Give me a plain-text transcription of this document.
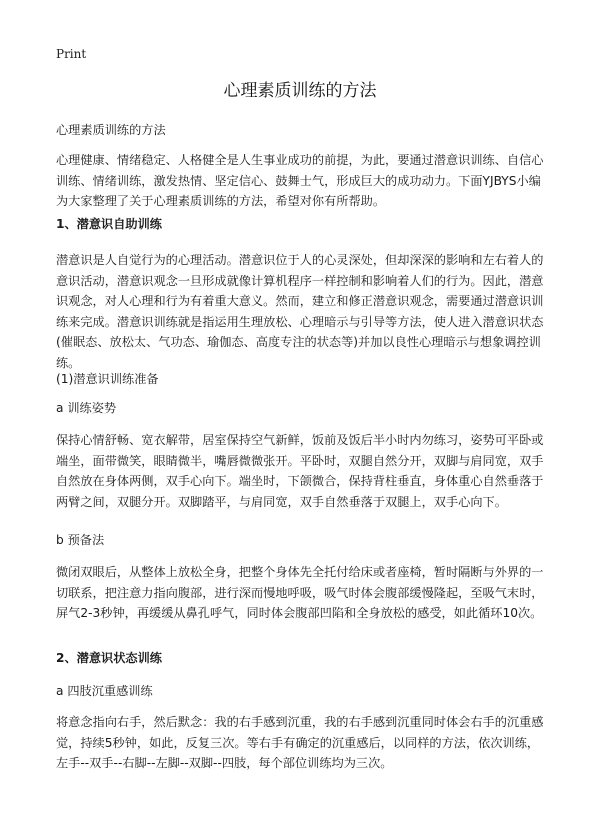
Print
心理素质训练的方法

心理素质训练的方法

心理健康、情绪稳定、人格健全是人生事业成功的前提，为此，要通过潜意识训练、自信心训练、情绪训练，激发热情、坚定信心、鼓舞士气，形成巨大的成功动力。下面YJBYS小编为大家整理了关于心理素质训练的方法，希望对你有所帮助。

1、潜意识自助训练

潜意识是人自觉行为的心理活动。潜意识位于人的心灵深处，但却深深的影响和左右着人的意识活动，潜意识观念一旦形成就像计算机程序一样控制和影响着人们的行为。因此，潜意识观念，对人心理和行为有着重大意义。然而，建立和修正潜意识观念，需要通过潜意识训练来完成。潜意识训练就是指运用生理放松、心理暗示与引导等方法，使人进入潜意识状态(催眠态、放松太、气功态、瑜伽态、高度专注的状态等)并加以良性心理暗示与想象调控训练。

(1)潜意识训练准备

a 训练姿势

保持心情舒畅、宽衣解带，居室保持空气新鲜，饭前及饭后半小时内勿练习，姿势可平卧或端坐，面带微笑，眼睛微半，嘴唇微微张开。平卧时，双腿自然分开，双脚与肩同宽，双手自然放在身体两侧，双手心向下。端坐时，下颌微合，保持背柱垂直，身体重心自然垂落于两臂之间，双腿分开。双脚踏平，与肩同宽，双手自然垂落于双腿上，双手心向下。

b 预备法

微闭双眼后，从整体上放松全身，把整个身体先全托付给床或者座椅，暂时隔断与外界的一切联系，把注意力指向腹部，进行深而慢地呼吸，吸气时体会腹部缓慢隆起，至吸气末时，屏气2-3秒钟，再缓缓从鼻孔呼气，同时体会腹部凹陷和全身放松的感受，如此循环10次。

2、潜意识状态训练

a 四肢沉重感训练

将意念指向右手，然后默念：我的右手感到沉重，我的右手感到沉重同时体会右手的沉重感觉，持续5秒钟，如此，反复三次。等右手有确定的沉重感后，以同样的方法，依次训练，左手--双手--右脚--左脚--双脚--四肢，每个部位训练均为三次。
